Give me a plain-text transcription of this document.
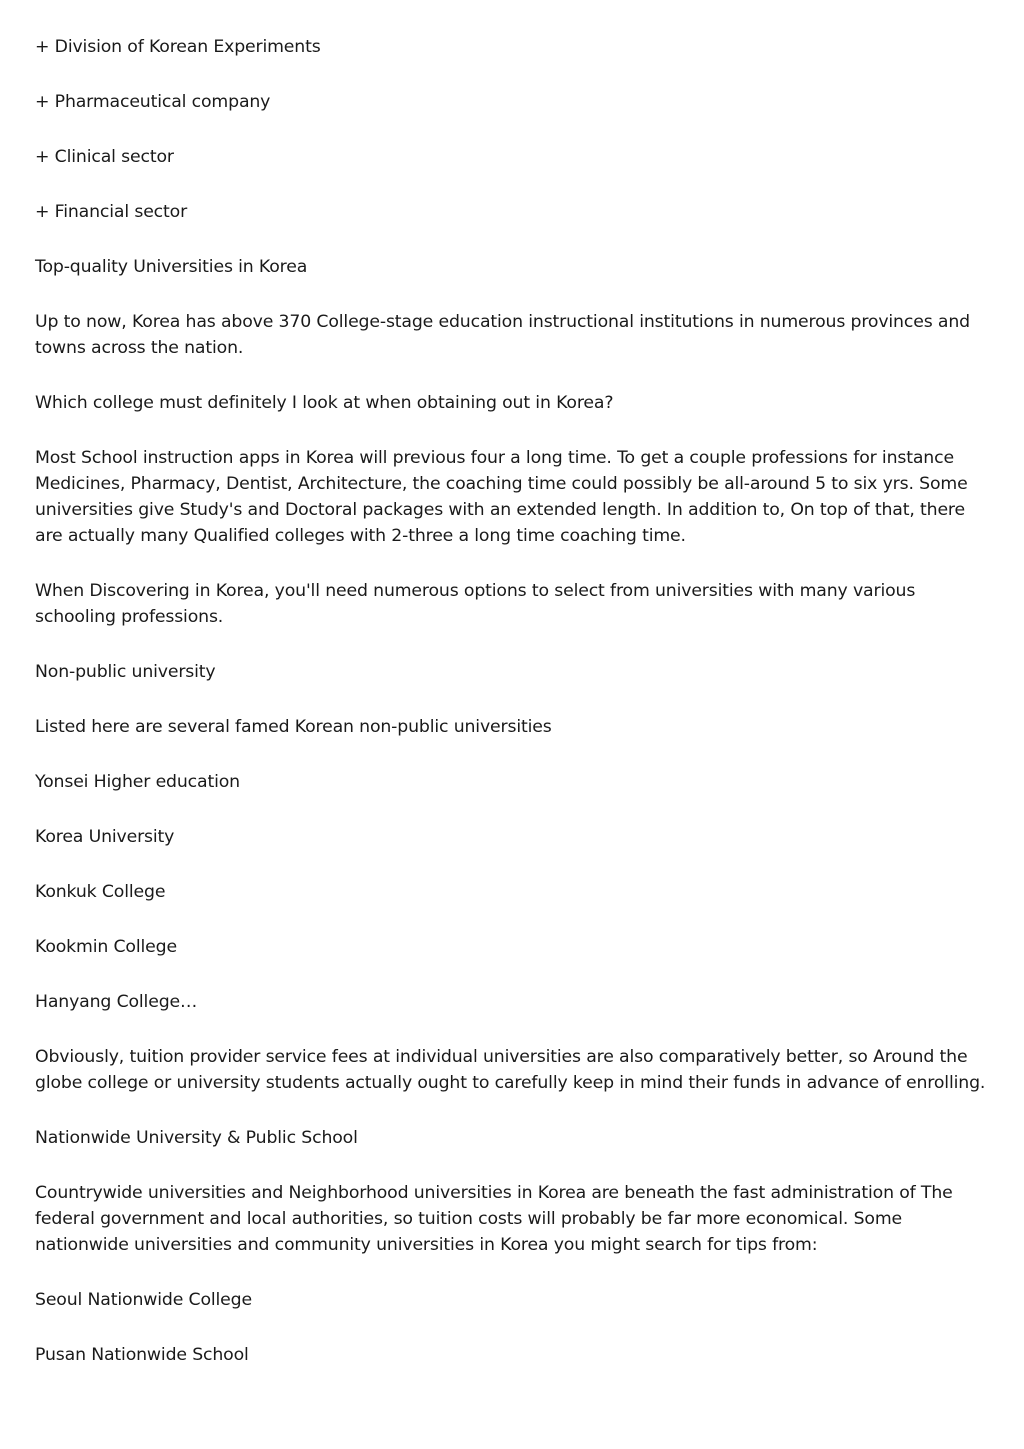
+ Division of Korean Experiments

+ Pharmaceutical company

+ Clinical sector

+ Financial sector

Top-quality Universities in Korea

Up to now, Korea has above 370 College-stage education instructional institutions in numerous provinces and towns across the nation.

Which college must definitely I look at when obtaining out in Korea?

Most School instruction apps in Korea will previous four a long time. To get a couple professions for instance Medicines, Pharmacy, Dentist, Architecture, the coaching time could possibly be all-around 5 to six yrs. Some universities give Study's and Doctoral packages with an extended length. In addition to, On top of that, there are actually many Qualified colleges with 2-three a long time coaching time.

When Discovering in Korea, you'll need numerous options to select from universities with many various schooling professions.

Non-public university

Listed here are several famed Korean non-public universities

Yonsei Higher education

Korea University

Konkuk College

Kookmin College

Hanyang College…

Obviously, tuition provider service fees at individual universities are also comparatively better, so Around the globe college or university students actually ought to carefully keep in mind their funds in advance of enrolling.

Nationwide University & Public School

Countrywide universities and Neighborhood universities in Korea are beneath the fast administration of The federal government and local authorities, so tuition costs will probably be far more economical. Some nationwide universities and community universities in Korea you might search for tips from:

Seoul Nationwide College

Pusan Nationwide School
